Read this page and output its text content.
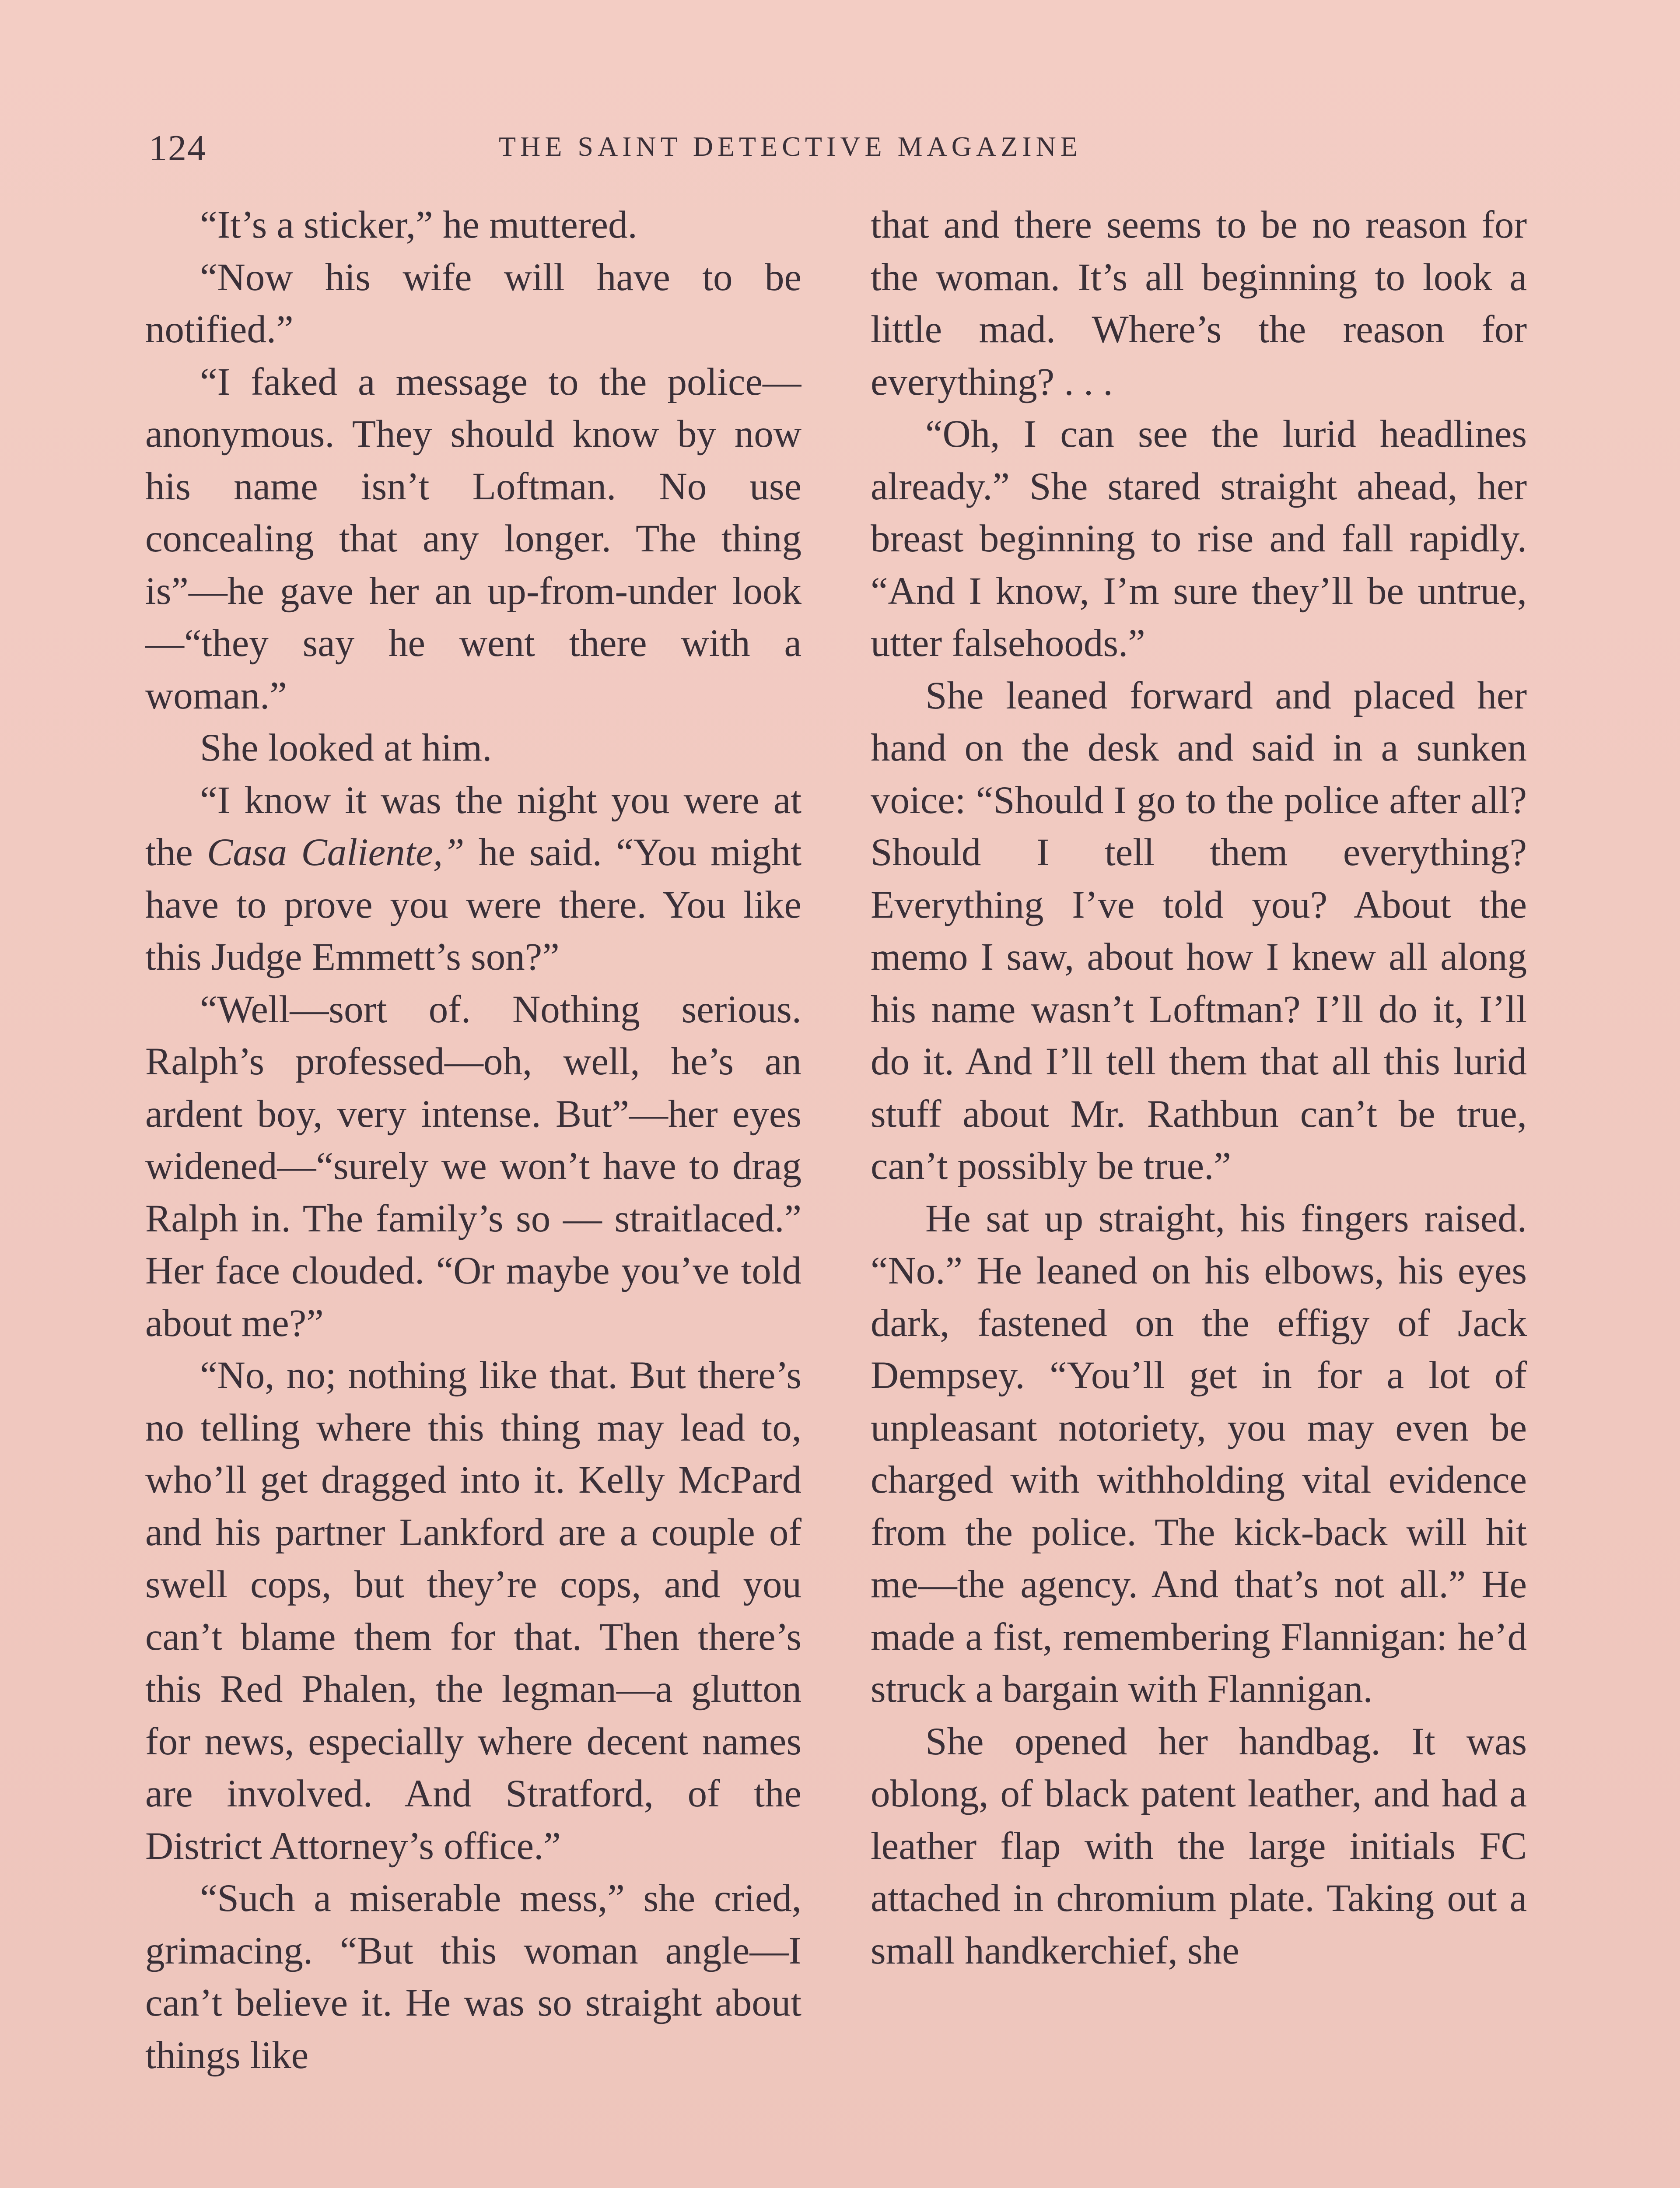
124	THE SAINT DETECTIVE MAGAZINE

“It’s a sticker,” he muttered.

“Now his wife will have to be notified.”

“I faked a message to the police—anonymous. They should know by now his name isn’t Loftman. No use concealing that any longer. The thing is”—he gave her an up-from-under look —“they say he went there with a woman.”

She looked at him.

“I know it was the night you were at the Casa Caliente,” he said. “You might have to prove you were there. You like this Judge Emmett’s son?”

“Well—sort of. Nothing serious. Ralph’s professed—oh, well, he’s an ardent boy, very intense. But”—her eyes widened—“surely we won’t have to drag Ralph in. The family’s so — straitlaced.” Her face clouded. “Or maybe you’ve told about me?”

“No, no; nothing like that. But there’s no telling where this thing may lead to, who’ll get dragged into it. Kelly McPard and his partner Lankford are a couple of swell cops, but they’re cops, and you can’t blame them for that. Then there’s this Red Phalen, the legman—a glutton for news, especially where decent names are involved. And Stratford, of the District Attorney’s office.”

“Such a miserable mess,” she cried, grimacing. “But this woman angle—I can’t believe it. He was so straight about things like

that and there seems to be no reason for the woman. It’s all beginning to look a little mad. Where’s the reason for everything? . . .

“Oh, I can see the lurid headlines already.” She stared straight ahead, her breast beginning to rise and fall rapidly. “And I know, I’m sure they’ll be untrue, utter falsehoods.”

She leaned forward and placed her hand on the desk and said in a sunken voice: “Should I go to the police after all? Should I tell them everything? Everything I’ve told you? About the memo I saw, about how I knew all along his name wasn’t Loftman? I’ll do it, I’ll do it. And I’ll tell them that all this lurid stuff about Mr. Rathbun can’t be true, can’t possibly be true.”

He sat up straight, his fingers raised. “No.” He leaned on his elbows, his eyes dark, fastened on the effigy of Jack Dempsey. “You’ll get in for a lot of unpleasant notoriety, you may even be charged with withholding vital evidence from the police. The kick-back will hit me—the agency. And that’s not all.” He made a fist, remembering Flannigan: he’d struck a bargain with Flannigan.

She opened her handbag. It was oblong, of black patent leather, and had a leather flap with the large initials FC attached in chromium plate. Taking out a small handkerchief, she
